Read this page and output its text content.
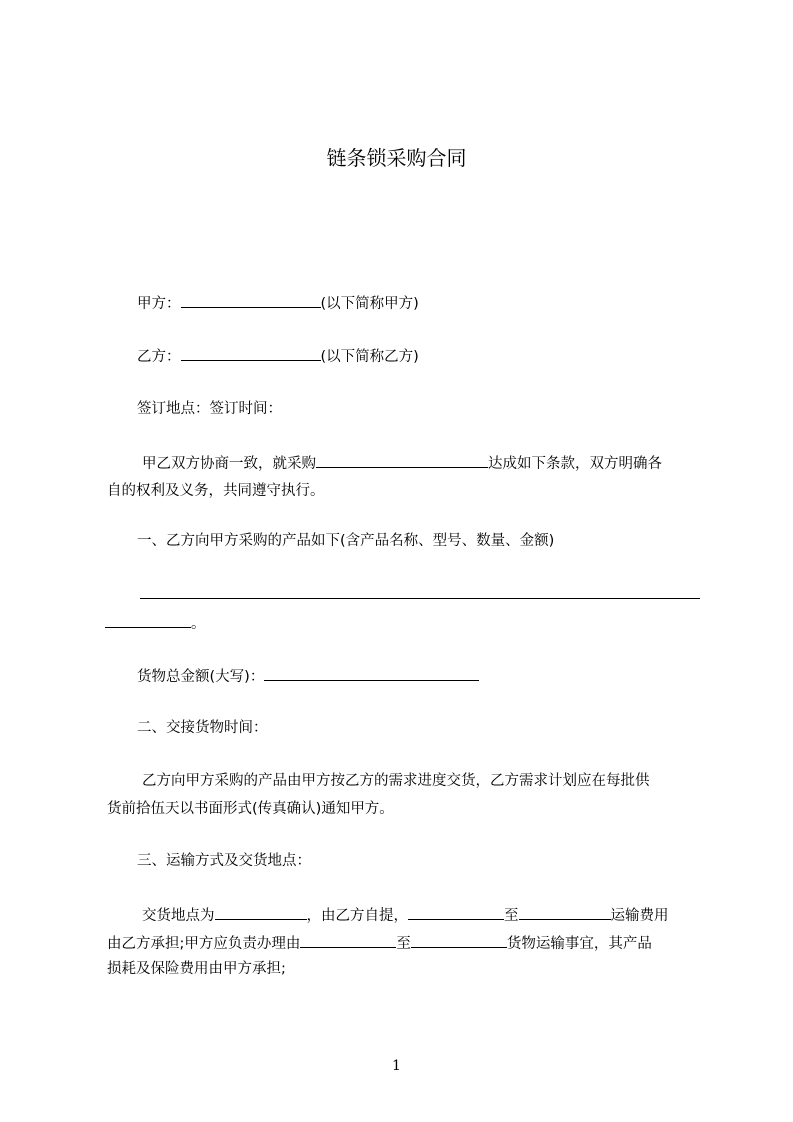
链条锁采购合同
甲方：	(以下简称甲方)
乙方：	(以下简称乙方)
签订地点：签订时间：
甲乙双方协商一致，就采购	达成如下条款，双方明确各
自的权利及义务，共同遵守执行。
一、乙方向甲方采购的产品如下(含产品名称、型号、数量、金额)
。
货物总金额(大写)：
二、交接货物时间：
乙方向甲方采购的产品由甲方按乙方的需求进度交货，乙方需求计划应在每批供
货前拾伍天以书面形式(传真确认)通知甲方。
三、运输方式及交货地点：
交货地点为	，由乙方自提，	至	运输费用
由乙方承担;甲方应负责办理由	至	货物运输事宜，其产品
损耗及保险费用由甲方承担;
1
